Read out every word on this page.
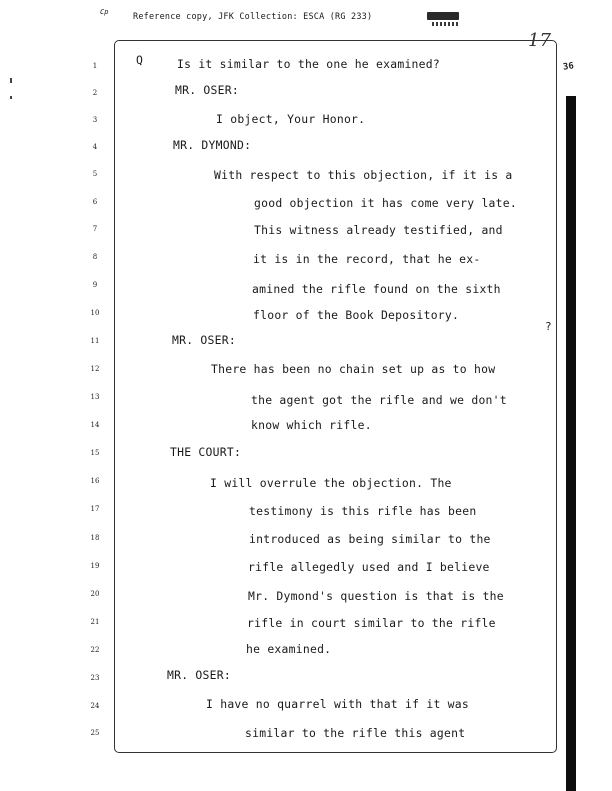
Cp	Reference copy, JFK Collection: ESCA (RG 233)
17
36
?
Q
1
2
3
4
5
6
7
8
9
10
11
12
13
14
15
16
17
18
19
20
21
22
23
24
25
Is it similar to the one he examined?
MR. OSER:
I object, Your Honor.
MR. DYMOND:
With respect to this objection, if it is a
good objection it has come very late.
This witness already testified, and
it is in the record, that he ex-
amined the rifle found on the sixth
floor of the Book Depository.
MR. OSER:
There has been no chain set up as to how
the agent got the rifle and we don't
know which rifle.
THE COURT:
I will overrule the objection. The
testimony is this rifle has been
introduced as being similar to the
rifle allegedly used and I believe
Mr. Dymond's question is that is the
rifle in court similar to the rifle
he examined.
MR. OSER:
I have no quarrel with that if it was
similar to the rifle this agent
